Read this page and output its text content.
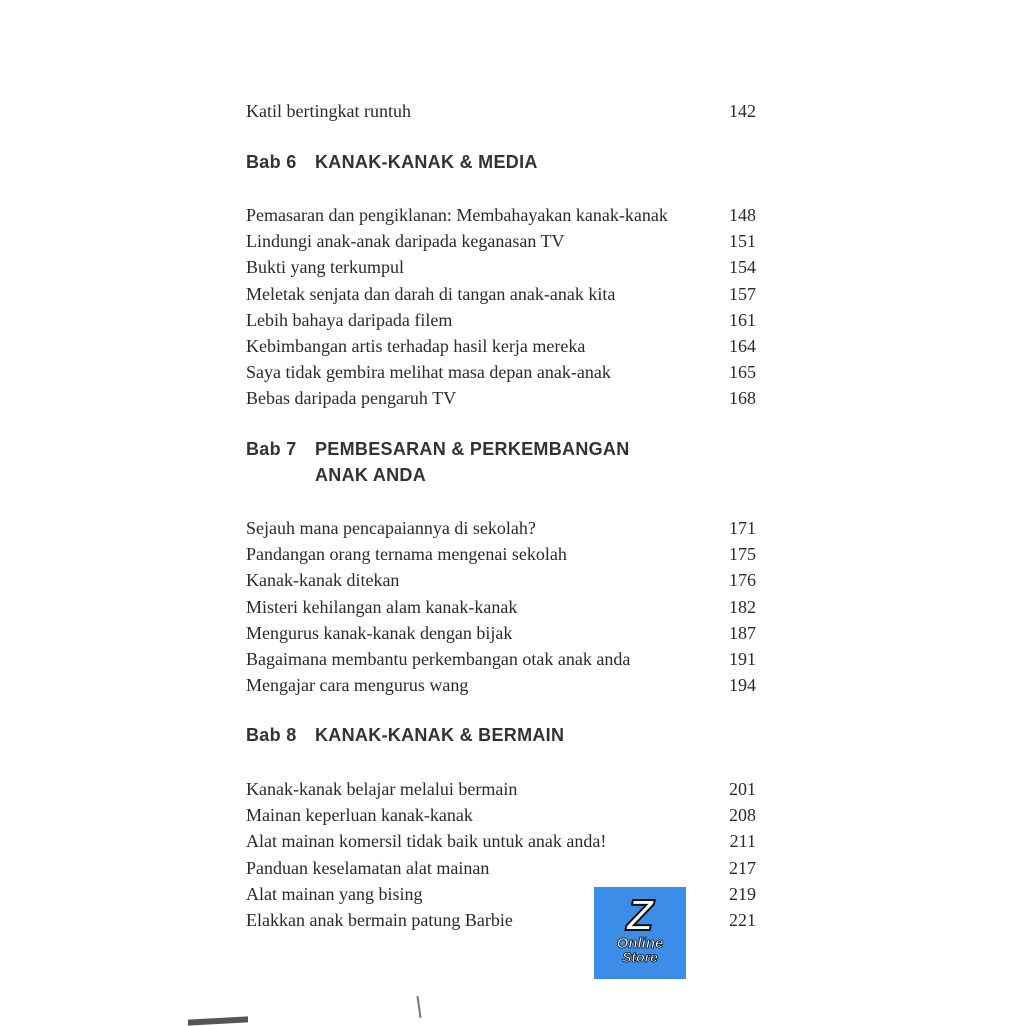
Katil bertingkat runtuh	142
Bab 6 KANAK-KANAK & MEDIA
Pemasaran dan pengiklanan: Membahayakan kanak-kanak	148
Lindungi anak-anak daripada keganasan TV	151
Bukti yang terkumpul	154
Meletak senjata dan darah di tangan anak-anak kita	157
Lebih bahaya daripada filem	161
Kebimbangan artis terhadap hasil kerja mereka	164
Saya tidak gembira melihat masa depan anak-anak	165
Bebas daripada pengaruh TV	168
Bab 7 PEMBESARAN & PERKEMBANGAN
ANAK ANDA
Sejauh mana pencapaiannya di sekolah?	171
Pandangan orang ternama mengenai sekolah	175
Kanak-kanak ditekan	176
Misteri kehilangan alam kanak-kanak	182
Mengurus kanak-kanak dengan bijak	187
Bagaimana membantu perkembangan otak anak anda	191
Mengajar cara mengurus wang	194
Bab 8 KANAK-KANAK & BERMAIN
Kanak-kanak belajar melalui bermain	201
Mainan keperluan kanak-kanak	208
Alat mainan komersil tidak baik untuk anak anda!	211
Panduan keselamatan alat mainan	217
Alat mainan yang bising	219
Elakkan anak bermain patung Barbie	221
Z
Online
Store
